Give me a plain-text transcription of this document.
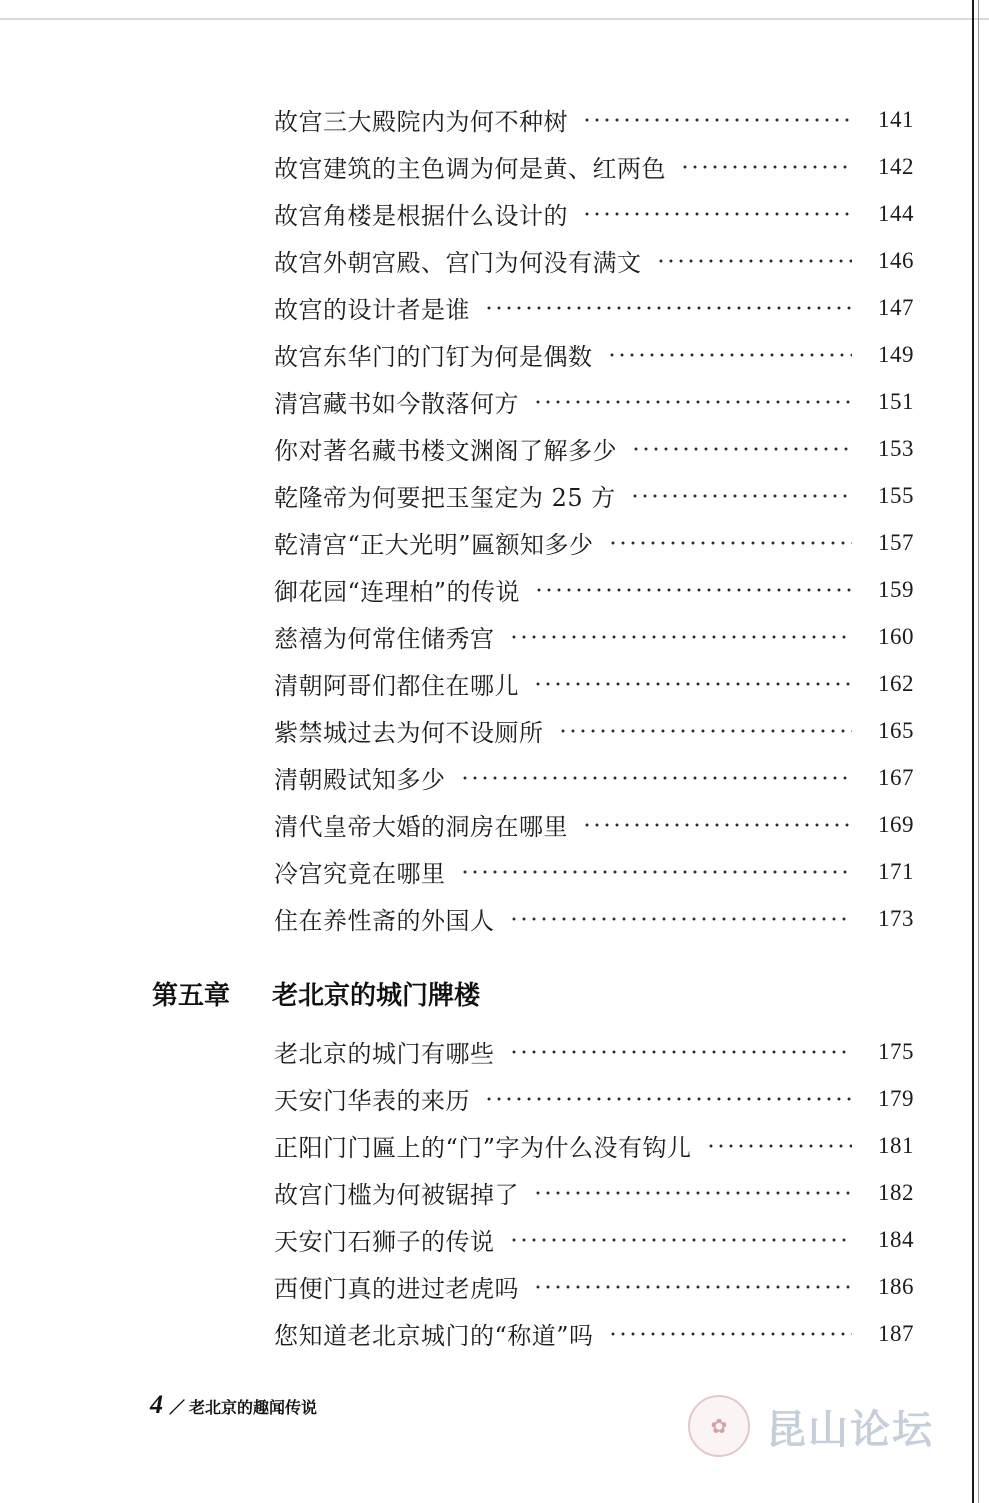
故宫三大殿院内为何不种树	141
故宫建筑的主色调为何是黄、红两色	142
故宫角楼是根据什么设计的	144
故宫外朝宫殿、宫门为何没有满文	146
故宫的设计者是谁	147
故宫东华门的门钉为何是偶数	149
清宫藏书如今散落何方	151
你对著名藏书楼文渊阁了解多少	153
乾隆帝为何要把玉玺定为 25 方	155
乾清宫“正大光明”匾额知多少	157
御花园“连理柏”的传说	159
慈禧为何常住储秀宫	160
清朝阿哥们都住在哪儿	162
紫禁城过去为何不设厕所	165
清朝殿试知多少	167
清代皇帝大婚的洞房在哪里	169
冷宫究竟在哪里	171
住在养性斋的外国人	173
第五章 老北京的城门牌楼
老北京的城门有哪些	175
天安门华表的来历	179
正阳门门匾上的“门”字为什么没有钩儿	181
故宫门槛为何被锯掉了	182
天安门石狮子的传说	184
西便门真的进过老虎吗	186
您知道老北京城门的“称道”吗	187
4 ／ 老北京的趣闻传说
✿ 昆山论坛
